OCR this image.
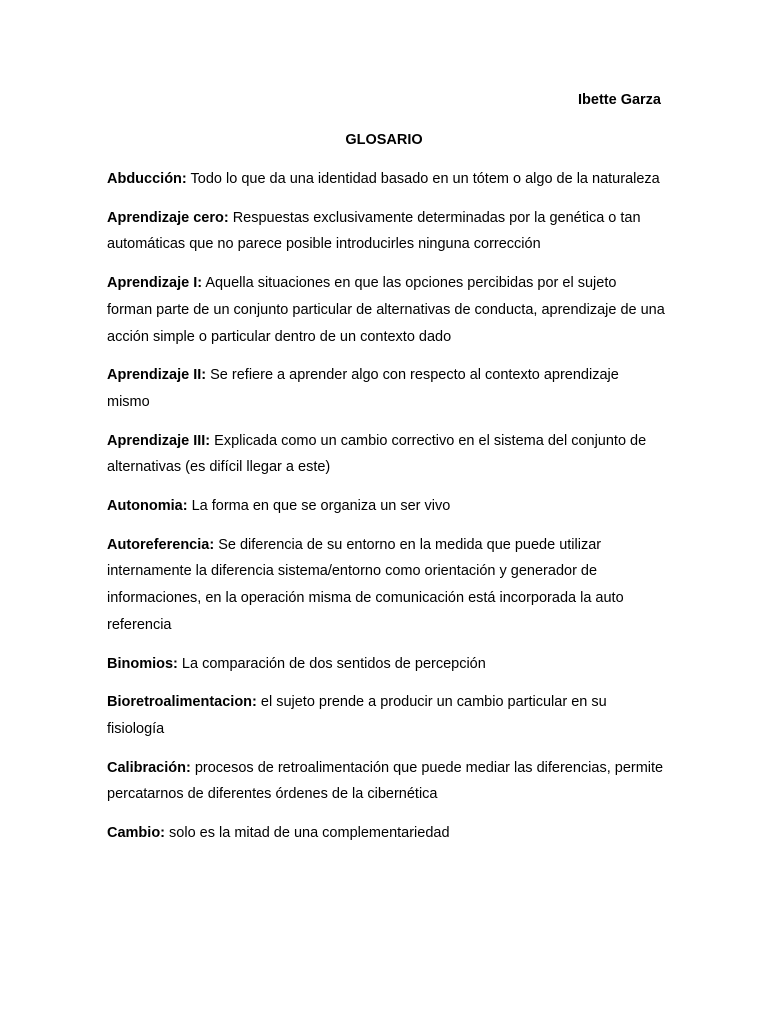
Ibette Garza
GLOSARIO

Abducción: Todo lo que da una identidad basado en un tótem o algo de la naturaleza

Aprendizaje cero: Respuestas exclusivamente determinadas por la genética o tan automáticas que no parece posible introducirles ninguna corrección

Aprendizaje I: Aquella situaciones en que las opciones percibidas por el sujeto forman parte de un conjunto particular de alternativas de conducta, aprendizaje de una acción simple o particular dentro de un contexto dado

Aprendizaje II: Se refiere a aprender algo con respecto al contexto aprendizaje mismo

Aprendizaje III: Explicada como un cambio correctivo en el sistema del conjunto de alternativas (es difícil llegar a este)

Autonomia: La forma en que se organiza un ser vivo

Autoreferencia: Se diferencia de su entorno en la medida que puede utilizar internamente la diferencia sistema/entorno como orientación y generador de informaciones, en la operación misma de comunicación está incorporada la auto referencia

Binomios: La comparación de dos sentidos de percepción

Bioretroalimentacion: el sujeto prende a producir un cambio particular en su fisiología

Calibración: procesos de retroalimentación que puede mediar las diferencias, permite percatarnos de diferentes órdenes de la cibernética

Cambio: solo es la mitad de una complementariedad
